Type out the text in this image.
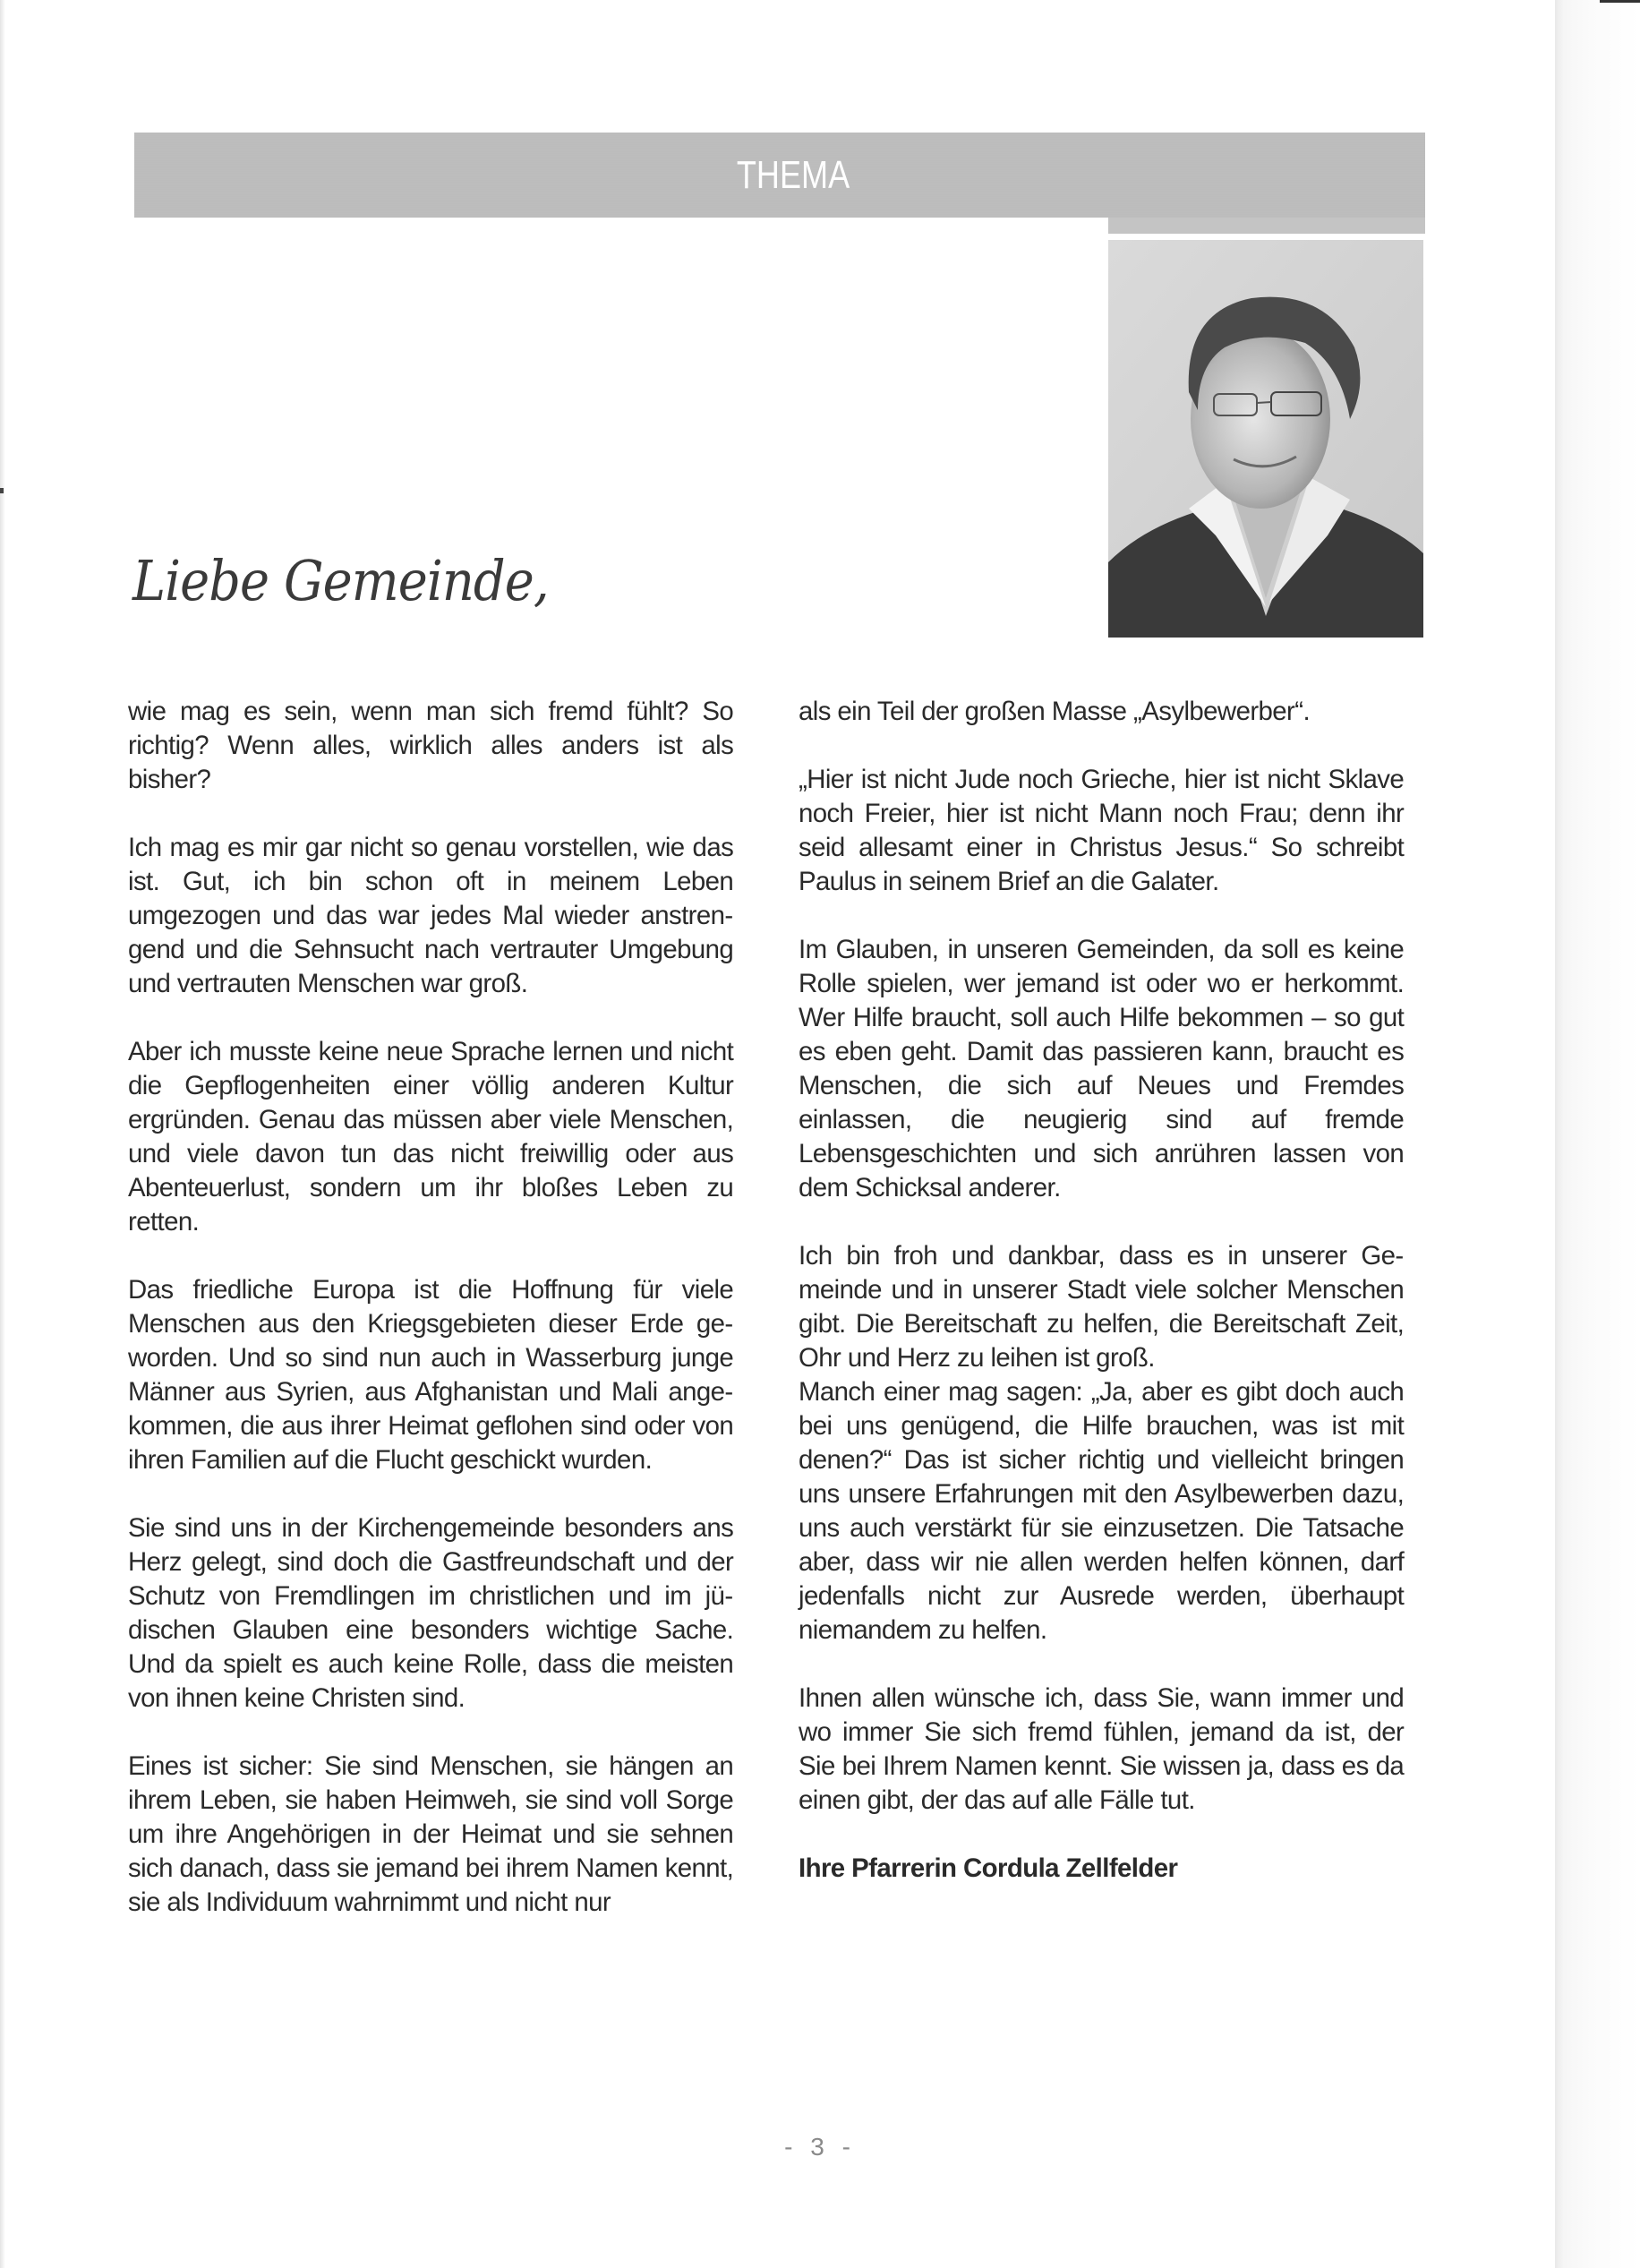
THEMA
Liebe Gemeinde,

wie mag es sein, wenn man sich fremd fühlt? So richtig? Wenn alles, wirklich alles anders ist als bisher?

Ich mag es mir gar nicht so genau vorstellen, wie das ist. Gut, ich bin schon oft in meinem Leben umgezogen und das war jedes Mal wieder anstrengend und die Sehnsucht nach vertrauter Umgebung und vertrauten Menschen war groß.

Aber ich musste keine neue Sprache lernen und nicht die Gepflogenheiten einer völlig anderen Kultur ergründen. Genau das müssen aber viele Menschen, und viele davon tun das nicht freiwillig oder aus Abenteuerlust, sondern um ihr bloßes Leben zu retten.

Das friedliche Europa ist die Hoffnung für viele Menschen aus den Kriegsgebieten dieser Erde geworden. Und so sind nun auch in Wasserburg junge Männer aus Syrien, aus Afghanistan und Mali angekommen, die aus ihrer Heimat geflohen sind oder von ihren Familien auf die Flucht geschickt wurden.

Sie sind uns in der Kirchengemeinde besonders ans Herz gelegt, sind doch die Gastfreundschaft und der Schutz von Fremdlingen im christlichen und im jüdischen Glauben eine besonders wichtige Sache. Und da spielt es auch keine Rolle, dass die meisten von ihnen keine Christen sind.

Eines ist sicher: Sie sind Menschen, sie hängen an ihrem Leben, sie haben Heimweh, sie sind voll Sorge um ihre Angehörigen in der Heimat und sie sehnen sich danach, dass sie jemand bei ihrem Namen kennt, sie als Individuum wahrnimmt und nicht nur

als ein Teil der großen Masse „Asylbewerber“.

„Hier ist nicht Jude noch Grieche, hier ist nicht Sklave noch Freier, hier ist nicht Mann noch Frau; denn ihr seid allesamt einer in Christus Jesus.“ So schreibt Paulus in seinem Brief an die Galater.

Im Glauben, in unseren Gemeinden, da soll es keine Rolle spielen, wer jemand ist oder wo er herkommt. Wer Hilfe braucht, soll auch Hilfe bekommen – so gut es eben geht. Damit das passieren kann, braucht es Menschen, die sich auf Neues und Fremdes einlassen, die neugierig sind auf fremde Lebensgeschichten und sich anrühren lassen von dem Schicksal anderer.

Ich bin froh und dankbar, dass es in unserer Gemeinde und in unserer Stadt viele solcher Menschen gibt. Die Bereitschaft zu helfen, die Bereitschaft Zeit, Ohr und Herz zu leihen ist groß.

Manch einer mag sagen: „Ja, aber es gibt doch auch bei uns genügend, die Hilfe brauchen, was ist mit denen?“ Das ist sicher richtig und vielleicht bringen uns unsere Erfahrungen mit den Asylbewerben dazu, uns auch verstärkt für sie einzusetzen. Die Tatsache aber, dass wir nie allen werden helfen können, darf jedenfalls nicht zur Ausrede werden, überhaupt niemandem zu helfen.

Ihnen allen wünsche ich, dass Sie, wann immer und wo immer Sie sich fremd fühlen, jemand da ist, der Sie bei Ihrem Namen kennt. Sie wissen ja, dass es da einen gibt, der das auf alle Fälle tut.

Ihre Pfarrerin Cordula Zellfelder

- 3 -
